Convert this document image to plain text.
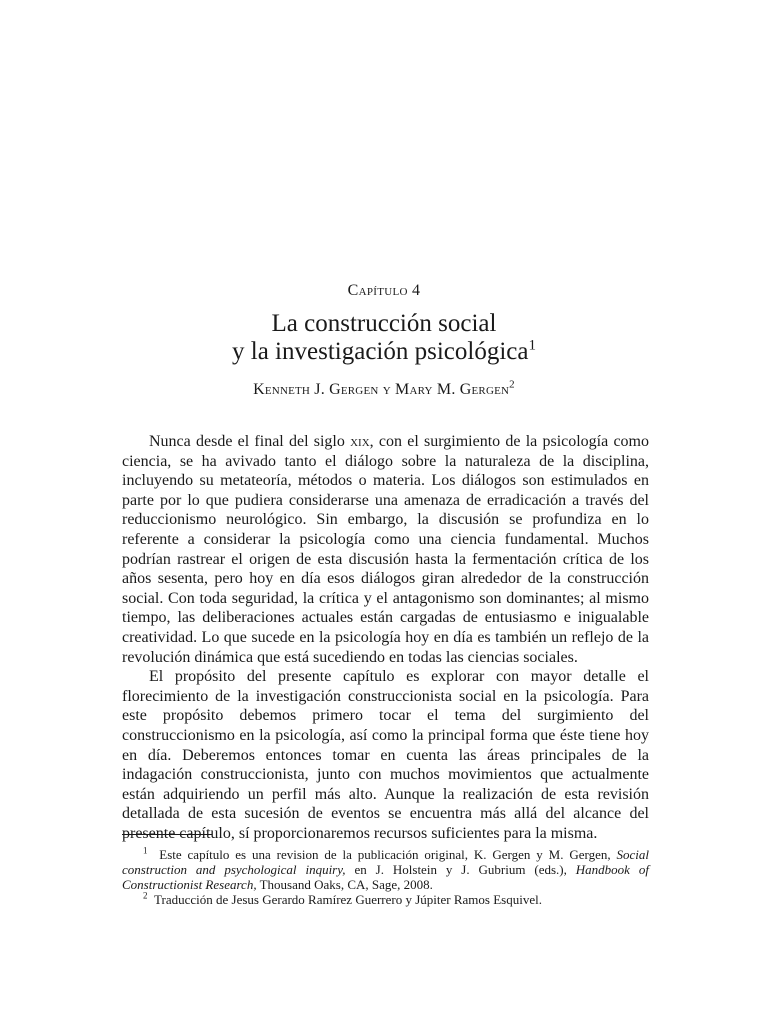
Capítulo 4
La construcción social
y la investigación psicológica$^1$
Kenneth J. Gergen y Mary M. Gergen$^2$

Nunca desde el final del siglo xix, con el surgimiento de la psicología como ciencia, se ha avivado tanto el diálogo sobre la naturaleza de la disciplina, incluyendo su metateoría, métodos o materia. Los diálogos son estimulados en parte por lo que pudiera considerarse una amenaza de erradicación a través del reduccionismo neurológico. Sin embargo, la discusión se profundiza en lo referente a considerar la psicología como una ciencia fundamental. Muchos podrían rastrear el origen de esta discusión hasta la fermentación crítica de los años sesenta, pero hoy en día esos diálogos giran alrededor de la construcción social. Con toda seguridad, la crítica y el antagonismo son dominantes; al mismo tiempo, las deliberaciones actuales están cargadas de entusiasmo e inigualable creatividad. Lo que sucede en la psicología hoy en día es también un reflejo de la revolución dinámica que está sucediendo en todas las ciencias sociales.

El propósito del presente capítulo es explorar con mayor detalle el florecimiento de la investigación construccionista social en la psicología. Para este propósito debemos primero tocar el tema del surgimiento del construccionismo en la psicología, así como la principal forma que éste tiene hoy en día. Deberemos entonces tomar en cuenta las áreas principales de la indagación construccionista, junto con muchos movimientos que actualmente están adquiriendo un perfil más alto. Aunque la realización de esta revisión detallada de esta sucesión de eventos se encuentra más allá del alcance del presente capítulo, sí proporcionaremos recursos suficientes para la misma.

$^1$ Este capítulo es una revision de la publicación original, K. Gergen y M. Gergen, Social construction and psychological inquiry, en J. Holstein y J. Gubrium (eds.), Handbook of Constructionist Research, Thousand Oaks, CA, Sage, 2008.

$^2$ Traducción de Jesus Gerardo Ramírez Guerrero y Júpiter Ramos Esquivel.
